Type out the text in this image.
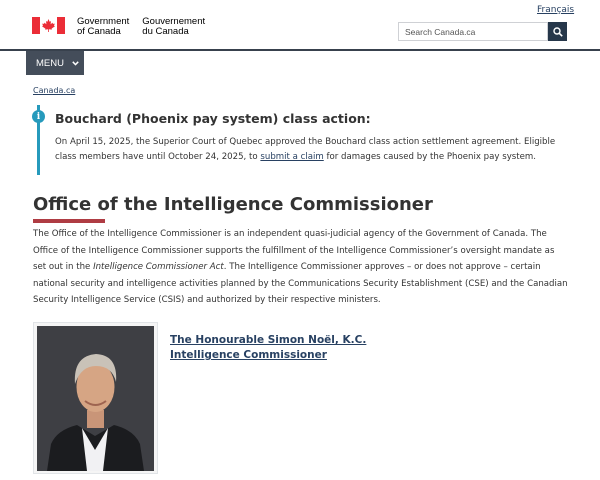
Français
Government
of Canada
Gouvernement
du Canada
Search Canada.ca
MENU
Canada.ca
i	Bouchard (Phoenix pay system) class action:

On April 15, 2025, the Superior Court of Quebec approved the Bouchard class action settlement agreement. Eligible class members have until October 24, 2025, to submit a claim for damages caused by the Phoenix pay system.

Office of the Intelligence Commissioner

The Office of the Intelligence Commissioner is an independent quasi-judicial agency of the Government of Canada. The Office of the Intelligence Commissioner supports the fulfillment of the Intelligence Commissioner’s oversight mandate as set out in the Intelligence Commissioner Act. The Intelligence Commissioner approves – or does not approve – certain national security and intelligence activities planned by the Communications Security Establishment (CSE) and the Canadian Security Intelligence Service (CSIS) and authorized by their respective ministers.

The Honourable Simon Noël, K.C.
Intelligence Commissioner
